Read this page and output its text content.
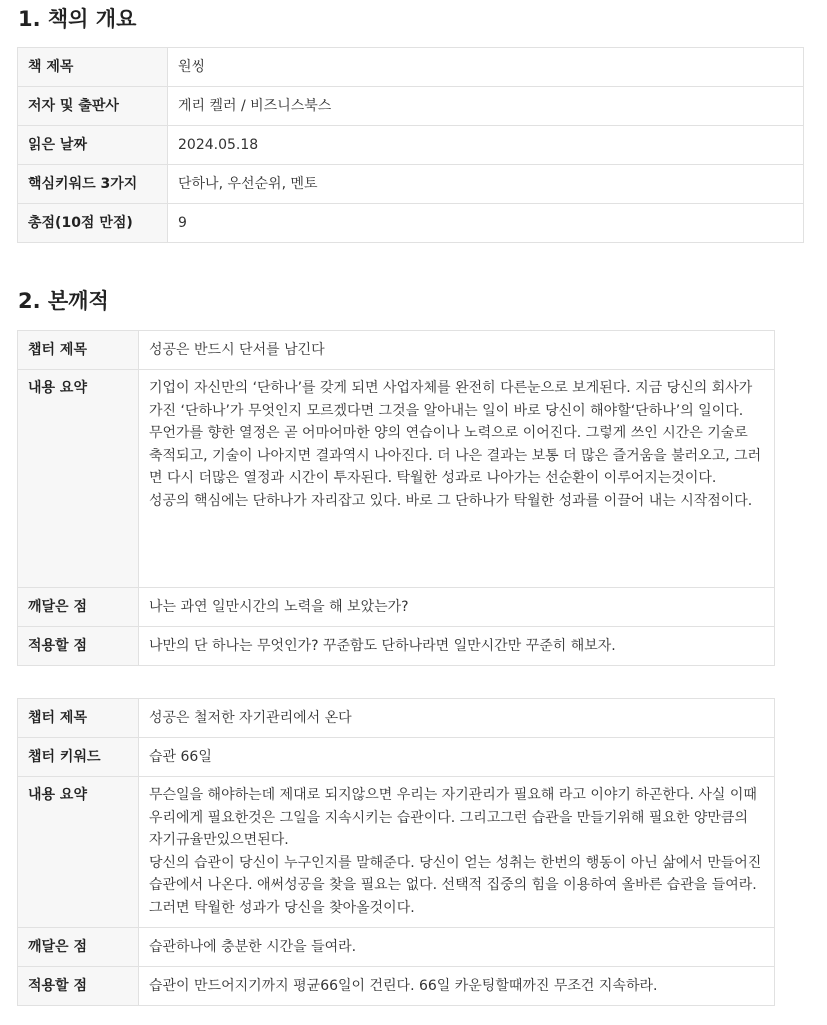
1. 책의 개요
책 제목	원씽
저자 및 출판사	게리 켈러 / 비즈니스북스
읽은 날짜	2024.05.18
핵심키워드 3가지	단하나, 우선순위, 멘토
총점(10점 만점)	9
2. 본깨적
챕터 제목	성공은 반드시 단서를 남긴다
내용 요약	기업이 자신만의 ‘단하나’를 갖게 되면 사업자체를 완전히 다른눈으로 보게된다. 지금 당신의 회사가 가진 ‘단하나’가 무엇인지 모르겠다면 그것을 알아내는 일이 바로 당신이 해야할‘단하나’의 일이다.
무언가를 향한 열정은 곧 어마어마한 양의 연습이나 노력으로 이어진다. 그렇게 쓰인 시간은 기술로 축적되고, 기술이 나아지면 결과역시 나아진다. 더 나은 결과는 보통 더 많은 즐거움을 불러오고, 그러면 다시 더많은 열정과 시간이 투자된다. 탁월한 성과로 나아가는 선순환이 이루어지는것이다.
성공의 핵심에는 단하나가 자리잡고 있다. 바로 그 단하나가 탁월한 성과를 이끌어 내는 시작점이다.

깨달은 점	나는 과연 일만시간의 노력을 해 보았는가?
적용할 점	나만의 단 하나는 무엇인가? 꾸준함도 단하나라면 일만시간만 꾸준히 해보자.
챕터 제목	성공은 철저한 자기관리에서 온다
챕터 키워드	습관 66일
내용 요약	무슨일을 해야하는데 제대로 되지않으면 우리는 자기관리가 필요해 라고 이야기 하곤한다. 사실 이때 우리에게 필요한것은 그일을 지속시키는 습관이다. 그리고그런 습관을 만들기위해 필요한 양만큼의 자기규율만있으면된다.
당신의 습관이 당신이 누구인지를 말해준다. 당신이 얻는 성취는 한번의 행동이 아닌 삶에서 만들어진 습관에서 나온다. 애써성공을 찾을 필요는 없다. 선택적 집중의 힘을 이용하여 올바른 습관을 들여라. 그러면 탁월한 성과가 당신을 찾아올것이다.

깨달은 점	습관하나에 충분한 시간을 들여라.
적용할 점	습관이 만드어지기까지 평균66일이 건린다. 66일 카운팅할때까진 무조건 지속하라.
